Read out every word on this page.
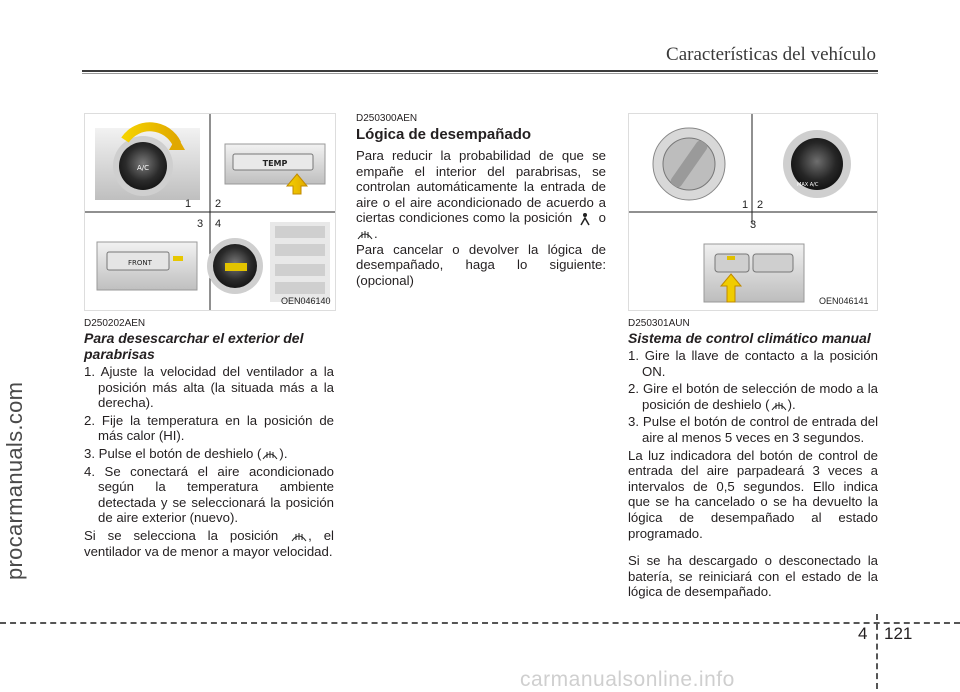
Características del vehículo
procarmanuals.com
A/C	TEMP
1 2
3 4
FRONT
OEN046140
MAX A/C
1 2
3
OEN046141
D250202AEN
Para desescarchar el exterior del parabrisas

1. Ajuste la velocidad del ventilador a la posición más alta (la situada más a la derecha).

2. Fije la temperatura en la posición de más calor (HI).

3. Pulse el botón de deshielo ( ).

4. Se conectará el aire acondicionado según la temperatura ambiente detectada y se seleccionará la posición de aire exterior (nuevo).

Si se selecciona la posición , el ventilador va de menor a mayor velocidad.

D250300AEN
Lógica de desempañado

Para reducir la probabilidad de que se empañe el interior del parabrisas, se controlan automáticamente la entrada de aire o el aire acondicionado de acuerdo a ciertas condiciones como la posición o .

Para cancelar o devolver la lógica de desempañado, haga lo siguiente: (opcional)

D250301AUN
Sistema de control climático manual

1. Gire la llave de contacto a la posición ON.

2. Gire el botón de selección de modo a la posición de deshielo ( ).

3. Pulse el botón de control de entrada del aire al menos 5 veces en 3 segundos.

La luz indicadora del botón de control de entrada del aire parpadeará 3 veces a intervalos de 0,5 segundos. Ello indica que se ha cancelado o se ha devuelto la lógica de desempañado al estado programado.

Si se ha descargado o desconectado la batería, se reiniciará con el estado de la lógica de desempañado.

4 121
carmanualsonline.info
